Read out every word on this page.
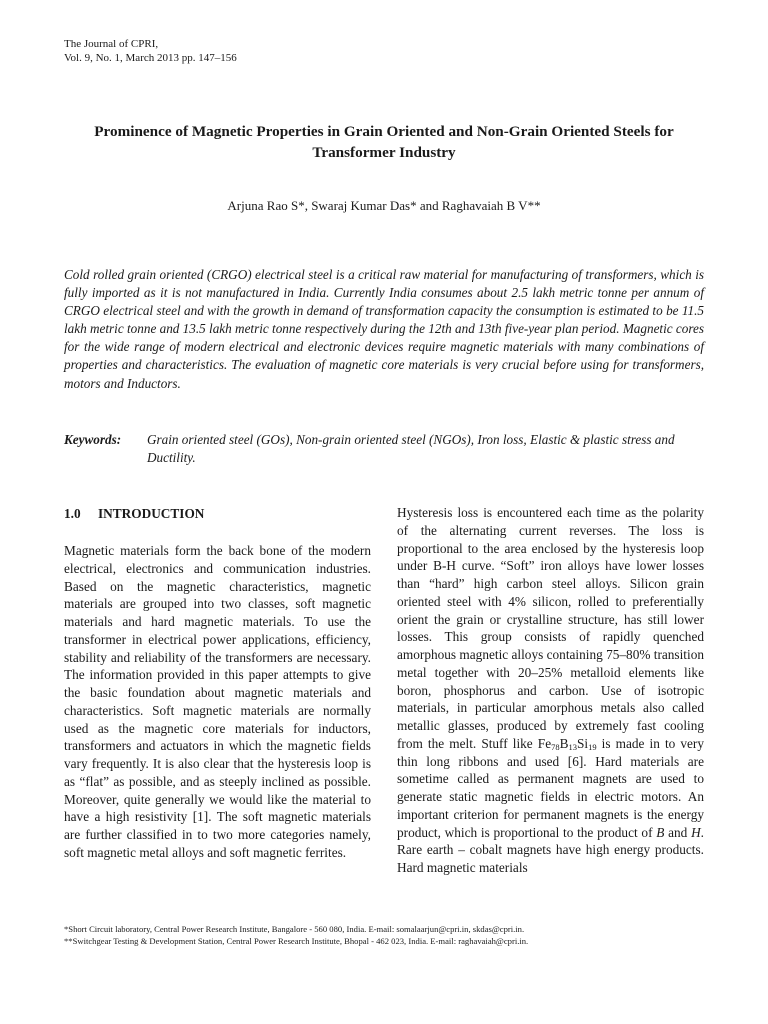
The Journal of CPRI,
Vol. 9, No. 1, March 2013 pp. 147–156
Prominence of Magnetic Properties in Grain Oriented and Non-Grain Oriented Steels for Transformer Industry
Arjuna Rao S*, Swaraj Kumar Das* and Raghavaiah B V**
Cold rolled grain oriented (CRGO) electrical steel is a critical raw material for manufacturing of transformers, which is fully imported as it is not manufactured in India. Currently India consumes about 2.5 lakh metric tonne per annum of CRGO electrical steel and with the growth in demand of transformation capacity the consumption is estimated to be 11.5 lakh metric tonne and 13.5 lakh metric tonne respectively during the 12th and 13th five-year plan period. Magnetic cores for the wide range of modern electrical and electronic devices require magnetic materials with many combinations of properties and characteristics. The evaluation of magnetic core materials is very crucial before using for transformers, motors and Inductors.
Keywords: Grain oriented steel (GOs), Non-grain oriented steel (NGOs), Iron loss, Elastic & plastic stress and Ductility.
1.0 INTRODUCTION
Magnetic materials form the back bone of the modern electrical, electronics and communication industries. Based on the magnetic characteristics, magnetic materials are grouped into two classes, soft magnetic materials and hard magnetic materials. To use the transformer in electrical power applications, efficiency, stability and reliability of the transformers are necessary. The information provided in this paper attempts to give the basic foundation about magnetic materials and characteristics. Soft magnetic materials are normally used as the magnetic core materials for inductors, transformers and actuators in which the magnetic fields vary frequently. It is also clear that the hysteresis loop is as “flat” as possible, and as steeply inclined as possible. Moreover, quite generally we would like the material to have a high resistivity [1]. The soft magnetic materials are further classified in to two more categories namely, soft magnetic metal alloys and soft magnetic ferrites.
Hysteresis loss is encountered each time as the polarity of the alternating current reverses. The loss is proportional to the area enclosed by the hysteresis loop under B-H curve. “Soft” iron alloys have lower losses than “hard” high carbon steel alloys. Silicon grain oriented steel with 4% silicon, rolled to preferentially orient the grain or crystalline structure, has still lower losses. This group consists of rapidly quenched amorphous magnetic alloys containing 75–80% transition metal together with 20–25% metalloid elements like boron, phosphorus and carbon. Use of isotropic materials, in particular amorphous metals also called metallic glasses, produced by extremely fast cooling from the melt. Stuff like $Fe_{78}B_{13}Si_{19}$ is made in to very thin long ribbons and used [6]. Hard materials are sometime called as permanent magnets are used to generate static magnetic fields in electric motors. An important criterion for permanent magnets is the energy product, which is proportional to the product of B and H. Rare earth – cobalt magnets have high energy products. Hard magnetic materials
*Short Circuit laboratory, Central Power Research Institute, Bangalore - 560 080, India. E-mail: somalaarjun@cpri.in, skdas@cpri.in.
**Switchgear Testing & Development Station, Central Power Research Institute, Bhopal - 462 023, India. E-mail: raghavaiah@cpri.in.
